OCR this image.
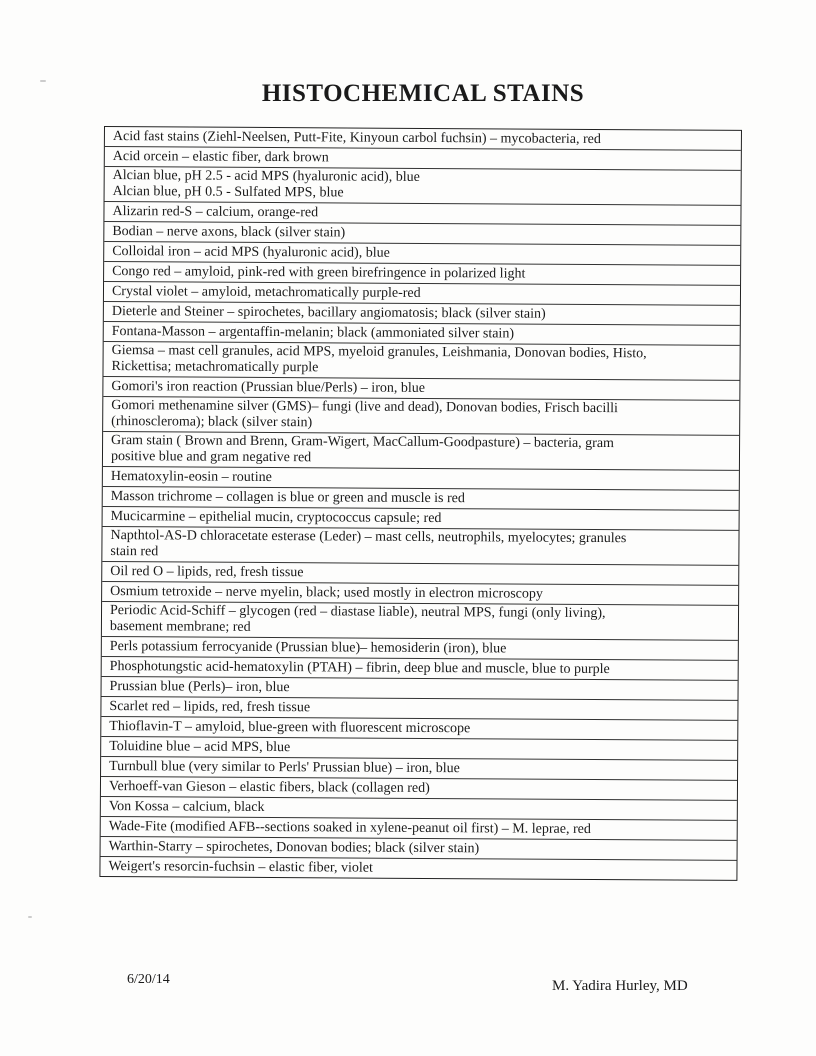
HISTOCHEMICAL STAINS
Acid fast stains (Ziehl-Neelsen, Putt-Fite, Kinyoun carbol fuchsin) – mycobacteria, red
Acid orcein – elastic fiber, dark brown
Alcian blue, pH 2.5 - acid MPS (hyaluronic acid), blue
Alcian blue, pH 0.5 - Sulfated MPS, blue
Alizarin red-S – calcium, orange-red
Bodian – nerve axons, black (silver stain)
Colloidal iron – acid MPS (hyaluronic acid), blue
Congo red – amyloid, pink-red with green birefringence in polarized light
Crystal violet – amyloid, metachromatically purple-red
Dieterle and Steiner – spirochetes, bacillary angiomatosis; black (silver stain)
Fontana-Masson – argentaffin-melanin; black (ammoniated silver stain)
Giemsa – mast cell granules, acid MPS, myeloid granules, Leishmania, Donovan bodies, Histo,
Rickettisa; metachromatically purple
Gomori's iron reaction (Prussian blue/Perls) – iron, blue
Gomori methenamine silver (GMS)– fungi (live and dead), Donovan bodies, Frisch bacilli
(rhinoscleroma); black (silver stain)
Gram stain ( Brown and Brenn, Gram-Wigert, MacCallum-Goodpasture) – bacteria, gram
positive blue and gram negative red
Hematoxylin-eosin – routine
Masson trichrome – collagen is blue or green and muscle is red
Mucicarmine – epithelial mucin, cryptococcus capsule; red
Napthtol-AS-D chloracetate esterase (Leder) – mast cells, neutrophils, myelocytes; granules
stain red
Oil red O – lipids, red, fresh tissue
Osmium tetroxide – nerve myelin, black; used mostly in electron microscopy
Periodic Acid-Schiff – glycogen (red – diastase liable), neutral MPS, fungi (only living),
basement membrane; red
Perls potassium ferrocyanide (Prussian blue)– hemosiderin (iron), blue
Phosphotungstic acid-hematoxylin (PTAH) – fibrin, deep blue and muscle, blue to purple
Prussian blue (Perls)– iron, blue
Scarlet red – lipids, red, fresh tissue
Thioflavin-T – amyloid, blue-green with fluorescent microscope
Toluidine blue – acid MPS, blue
Turnbull blue (very similar to Perls' Prussian blue) – iron, blue
Verhoeff-van Gieson – elastic fibers, black (collagen red)
Von Kossa – calcium, black
Wade-Fite (modified AFB--sections soaked in xylene-peanut oil first) – M. leprae, red
Warthin-Starry – spirochetes, Donovan bodies; black (silver stain)
Weigert's resorcin-fuchsin – elastic fiber, violet
6/20/14	M. Yadira Hurley, MD
